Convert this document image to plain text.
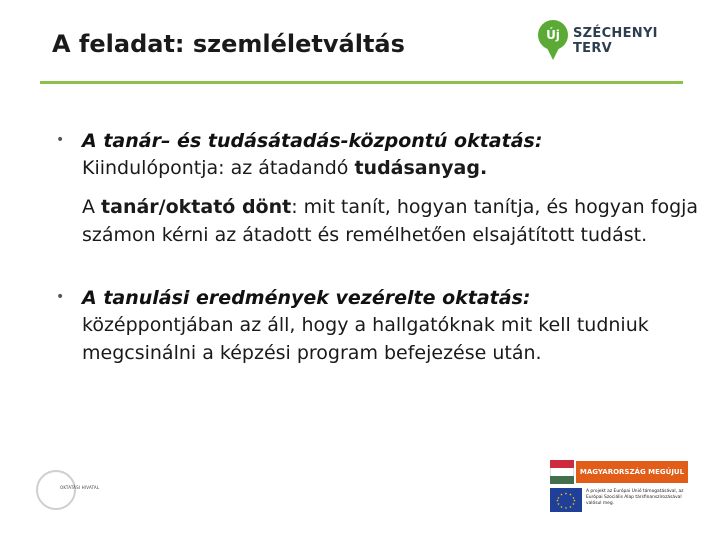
A feladat: szemléletváltás	Új	SZÉCHENYI TERV
• A tanár– és tudásátadás-központú oktatás:
Kiindulópontja: az átadandó tudásanyag.
A tanár/oktató dönt: mit tanít, hogyan tanítja, és hogyan fogja számon kérni az átadott és remélhetően elsajátított tudást.
• A tanulási eredmények vezérelte oktatás:
középpontjában az áll, hogy a hallgatóknak mit kell tudniuk megcsinálni a képzési program befejezése után.
OKTATÁSI HIVATAL
MAGYARORSZÁG MEGÚJUL
★ ★
★
★
★
★
★
★
★
★
★
★
A projekt az Európai Unió támogatásával, az Európai Szociális Alap társfinanszírozásával valósul meg.
